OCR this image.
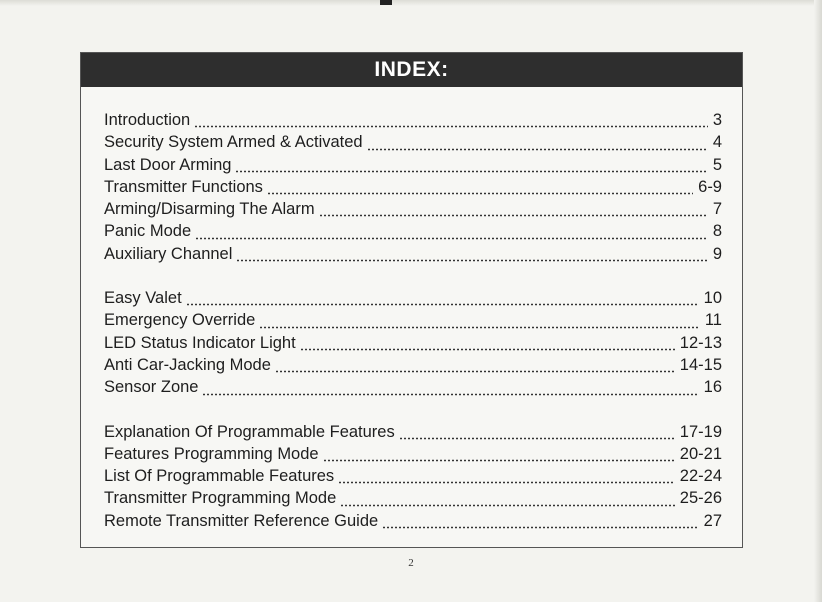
INDEX:
Introduction	3
Security System Armed & Activated	4
Last Door Arming	5
Transmitter Functions	6-9
Arming/Disarming The Alarm	7
Panic Mode	8
Auxiliary Channel	9
Easy Valet	10
Emergency Override	11
LED Status Indicator Light	12-13
Anti Car-Jacking Mode	14-15
Sensor Zone	16
Explanation Of Programmable Features	17-19
Features Programming Mode	20-21
List Of Programmable Features	22-24
Transmitter Programming Mode	25-26
Remote Transmitter Reference Guide	27
2
